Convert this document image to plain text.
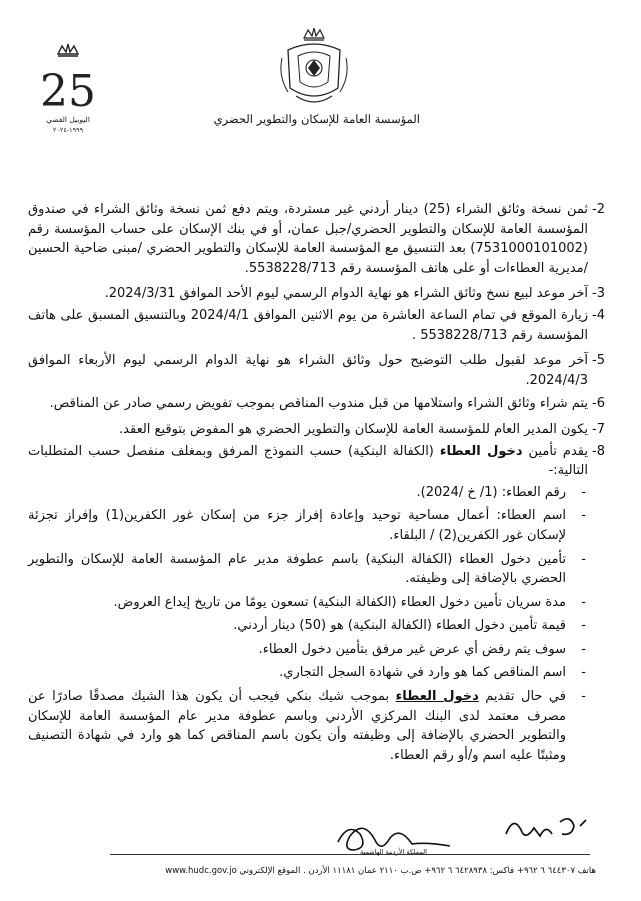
25
اليوبيل الفضي
١٩٩٩-٢٠٢٤
المؤسسة العامة للإسكان والتطوير الحضري
-2

ثمن نسخة وثائق الشراء (25) دينار أردني غير مستردة، ويتم دفع ثمن نسخة وثائق الشراء في صندوق المؤسسة العامة للإسكان والتطوير الحضري/جبل عمان، أو في بنك الإسكان على حساب المؤسسة رقم (7531000101002) بعد التنسيق مع المؤسسة العامة للإسكان والتطوير الحضري /مبنى ضاحية الحسين /مديرية العطاءات أو على هاتف المؤسسة رقم 5538228/713.

-3

آخر موعد لبيع نسخ وثائق الشراء هو نهاية الدوام الرسمي ليوم الأحد الموافق 2024/3/31.

-4

زيارة الموقع في تمام الساعة العاشرة من يوم الاثنين الموافق 2024/4/1 وبالتنسيق المسبق على هاتف المؤسسة رقم 5538228/713 .

-5

آخر موعد لقبول طلب التوضيح حول وثائق الشراء هو نهاية الدوام الرسمي ليوم الأربعاء الموافق 2024/4/3.

-6

يتم شراء وثائق الشراء واستلامها من قبل مندوب المناقص بموجب تفويض رسمي صادر عن المناقص.

-7

يكون المدير العام للمؤسسة العامة للإسكان والتطوير الحضري هو المفوض بتوقيع العقد.

-8

يقدم تأمين دخول العطاء (الكفالة البنكية) حسب النموذج المرفق وبمغلف منفصل حسب المتطلبات التالية:-

-
رقم العطاء: (1/ خ /2024).
-
اسم العطاء: أعمال مساحية توحيد وإعادة إفراز جزء من إسكان غور الكفرين(1) وإفراز تجزئة لإسكان غور الكفرين(2) / البلقاء.
-
تأمين دخول العطاء (الكفالة البنكية) باسم عطوفة مدير عام المؤسسة العامة للإسكان والتطوير الحضري بالإضافة إلى وظيفته.
-
مدة سريان تأمين دخول العطاء (الكفالة البنكية) تسعون يومًا من تاريخ إيداع العروض.
-
قيمة تأمين دخول العطاء (الكفالة البنكية) هو (50) دينار أردني.
-
سوف يتم رفض أي عرض غير مرفق بتأمين دخول العطاء.
-
اسم المناقص كما هو وارد في شهادة السجل التجاري.
-
في حال تقديم دخول العطاء بموجب شيك بنكي فيجب أن يكون هذا الشيك مصدقًا صادرًا عن مصرف معتمد لدى البنك المركزي الأردني وباسم عطوفة مدير عام المؤسسة العامة للإسكان والتطوير الحضري بالإضافة إلى وظيفته وأن يكون باسم المناقص كما هو وارد في شهادة التصنيف ومثبتًا عليه اسم و/أو رقم العطاء.
المملكة الأردنية الهاشمية
هاتف ٦٤٤٣٠٧ ٦ ٩٦٢+ فاكس: ٦٤٢٨٩٣٨ ٦ ٩٦٢+ ص.ب ٢١١٠ عمان ١١١٨١ الأردن . الموقع الإلكتروني www.hudc.gov.jo
